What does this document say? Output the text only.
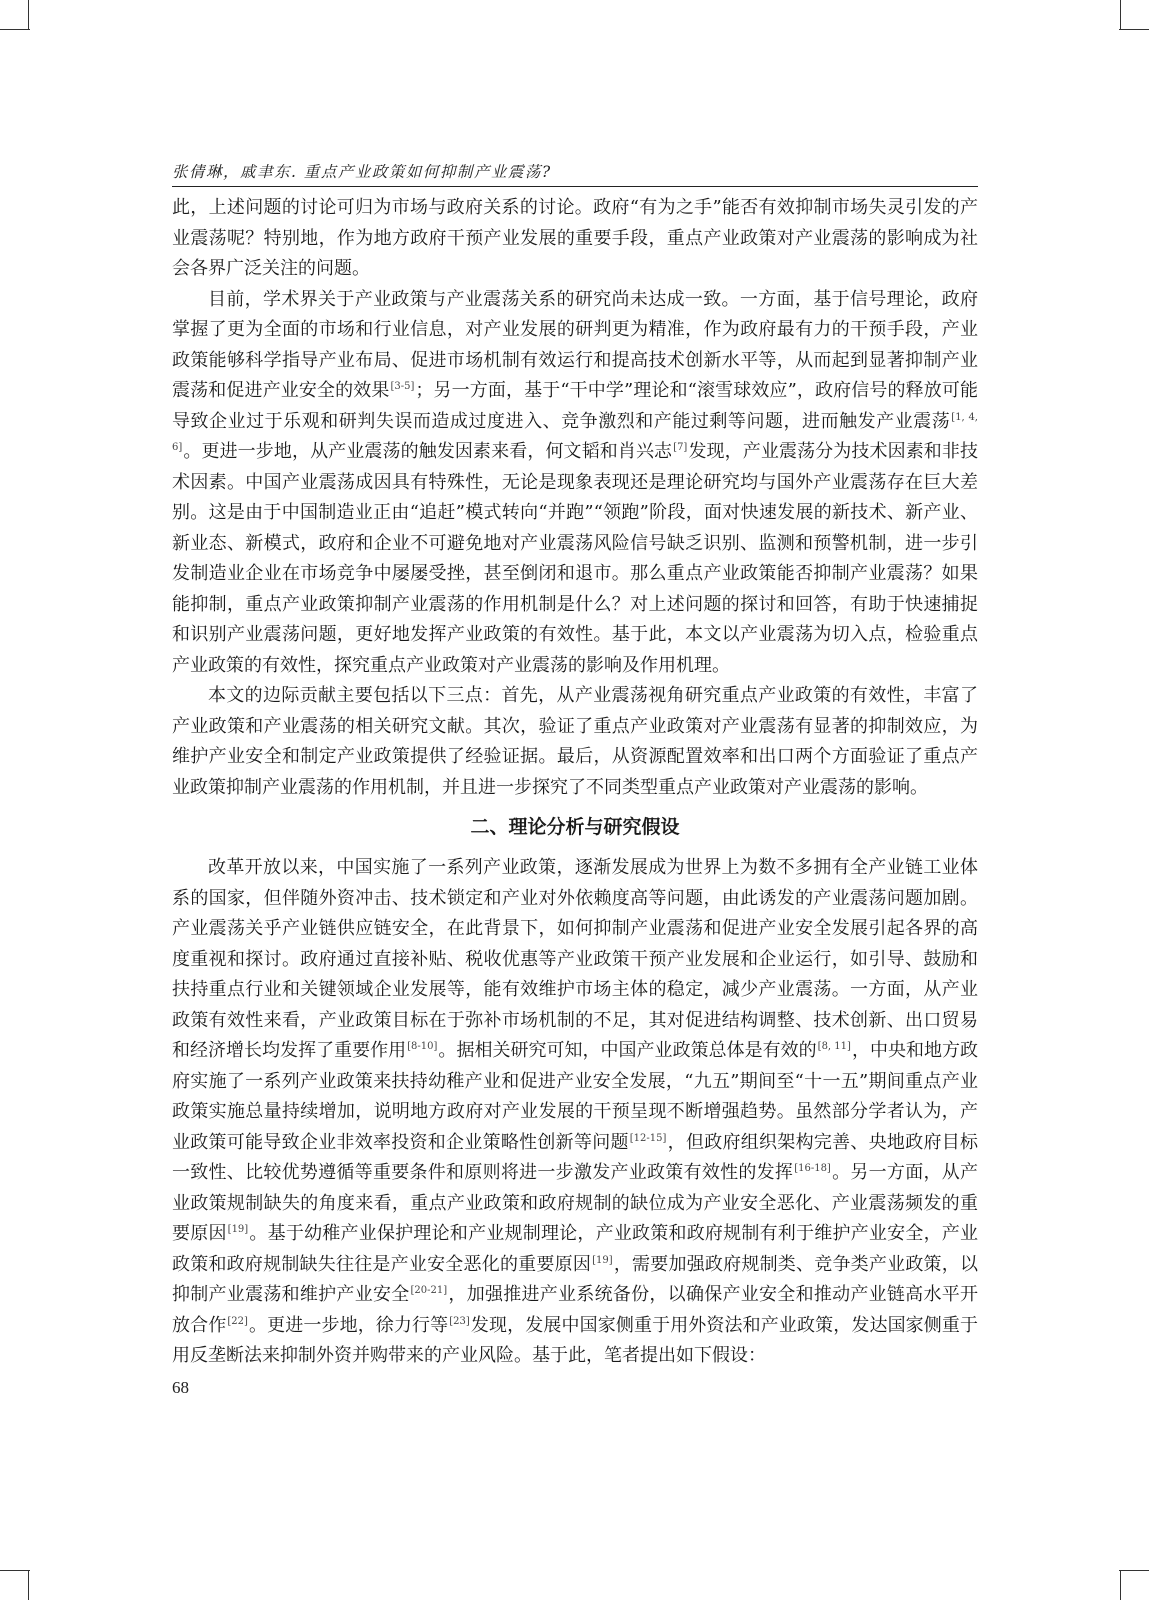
张倩琳，戚聿东. 重点产业政策如何抑制产业震荡?

此，上述问题的讨论可归为市场与政府关系的讨论。政府“有为之手”能否有效抑制市场失灵引发的产业震荡呢？特别地，作为地方政府干预产业发展的重要手段，重点产业政策对产业震荡的影响成为社会各界广泛关注的问题。

目前，学术界关于产业政策与产业震荡关系的研究尚未达成一致。一方面，基于信号理论，政府掌握了更为全面的市场和行业信息，对产业发展的研判更为精准，作为政府最有力的干预手段，产业政策能够科学指导产业布局、促进市场机制有效运行和提高技术创新水平等，从而起到显著抑制产业震荡和促进产业安全的效果[3-5]；另一方面，基于“干中学”理论和“滚雪球效应”，政府信号的释放可能导致企业过于乐观和研判失误而造成过度进入、竞争激烈和产能过剩等问题，进而触发产业震荡[1, 4, 6]。更进一步地，从产业震荡的触发因素来看，何文韬和肖兴志[7]发现，产业震荡分为技术因素和非技术因素。中国产业震荡成因具有特殊性，无论是现象表现还是理论研究均与国外产业震荡存在巨大差别。这是由于中国制造业正由“追赶”模式转向“并跑”“领跑”阶段，面对快速发展的新技术、新产业、新业态、新模式，政府和企业不可避免地对产业震荡风险信号缺乏识别、监测和预警机制，进一步引发制造业企业在市场竞争中屡屡受挫，甚至倒闭和退市。那么重点产业政策能否抑制产业震荡？如果能抑制，重点产业政策抑制产业震荡的作用机制是什么？对上述问题的探讨和回答，有助于快速捕捉和识别产业震荡问题，更好地发挥产业政策的有效性。基于此，本文以产业震荡为切入点，检验重点产业政策的有效性，探究重点产业政策对产业震荡的影响及作用机理。

本文的边际贡献主要包括以下三点：首先，从产业震荡视角研究重点产业政策的有效性，丰富了产业政策和产业震荡的相关研究文献。其次，验证了重点产业政策对产业震荡有显著的抑制效应，为维护产业安全和制定产业政策提供了经验证据。最后，从资源配置效率和出口两个方面验证了重点产业政策抑制产业震荡的作用机制，并且进一步探究了不同类型重点产业政策对产业震荡的影响。

二、理论分析与研究假设

改革开放以来，中国实施了一系列产业政策，逐渐发展成为世界上为数不多拥有全产业链工业体系的国家，但伴随外资冲击、技术锁定和产业对外依赖度高等问题，由此诱发的产业震荡问题加剧。产业震荡关乎产业链供应链安全，在此背景下，如何抑制产业震荡和促进产业安全发展引起各界的高度重视和探讨。政府通过直接补贴、税收优惠等产业政策干预产业发展和企业运行，如引导、鼓励和扶持重点行业和关键领域企业发展等，能有效维护市场主体的稳定，减少产业震荡。一方面，从产业政策有效性来看，产业政策目标在于弥补市场机制的不足，其对促进结构调整、技术创新、出口贸易和经济增长均发挥了重要作用[8-10]。据相关研究可知，中国产业政策总体是有效的[8, 11]，中央和地方政府实施了一系列产业政策来扶持幼稚产业和促进产业安全发展，“九五”期间至“十一五”期间重点产业政策实施总量持续增加，说明地方政府对产业发展的干预呈现不断增强趋势。虽然部分学者认为，产业政策可能导致企业非效率投资和企业策略性创新等问题[12-15]，但政府组织架构完善、央地政府目标一致性、比较优势遵循等重要条件和原则将进一步激发产业政策有效性的发挥[16-18]。另一方面，从产业政策规制缺失的角度来看，重点产业政策和政府规制的缺位成为产业安全恶化、产业震荡频发的重要原因[19]。基于幼稚产业保护理论和产业规制理论，产业政策和政府规制有利于维护产业安全，产业政策和政府规制缺失往往是产业安全恶化的重要原因[19]，需要加强政府规制类、竞争类产业政策，以抑制产业震荡和维护产业安全[20-21]，加强推进产业系统备份，以确保产业安全和推动产业链高水平开放合作[22]。更进一步地，徐力行等[23]发现，发展中国家侧重于用外资法和产业政策，发达国家侧重于用反垄断法来抑制外资并购带来的产业风险。基于此，笔者提出如下假设：

68
